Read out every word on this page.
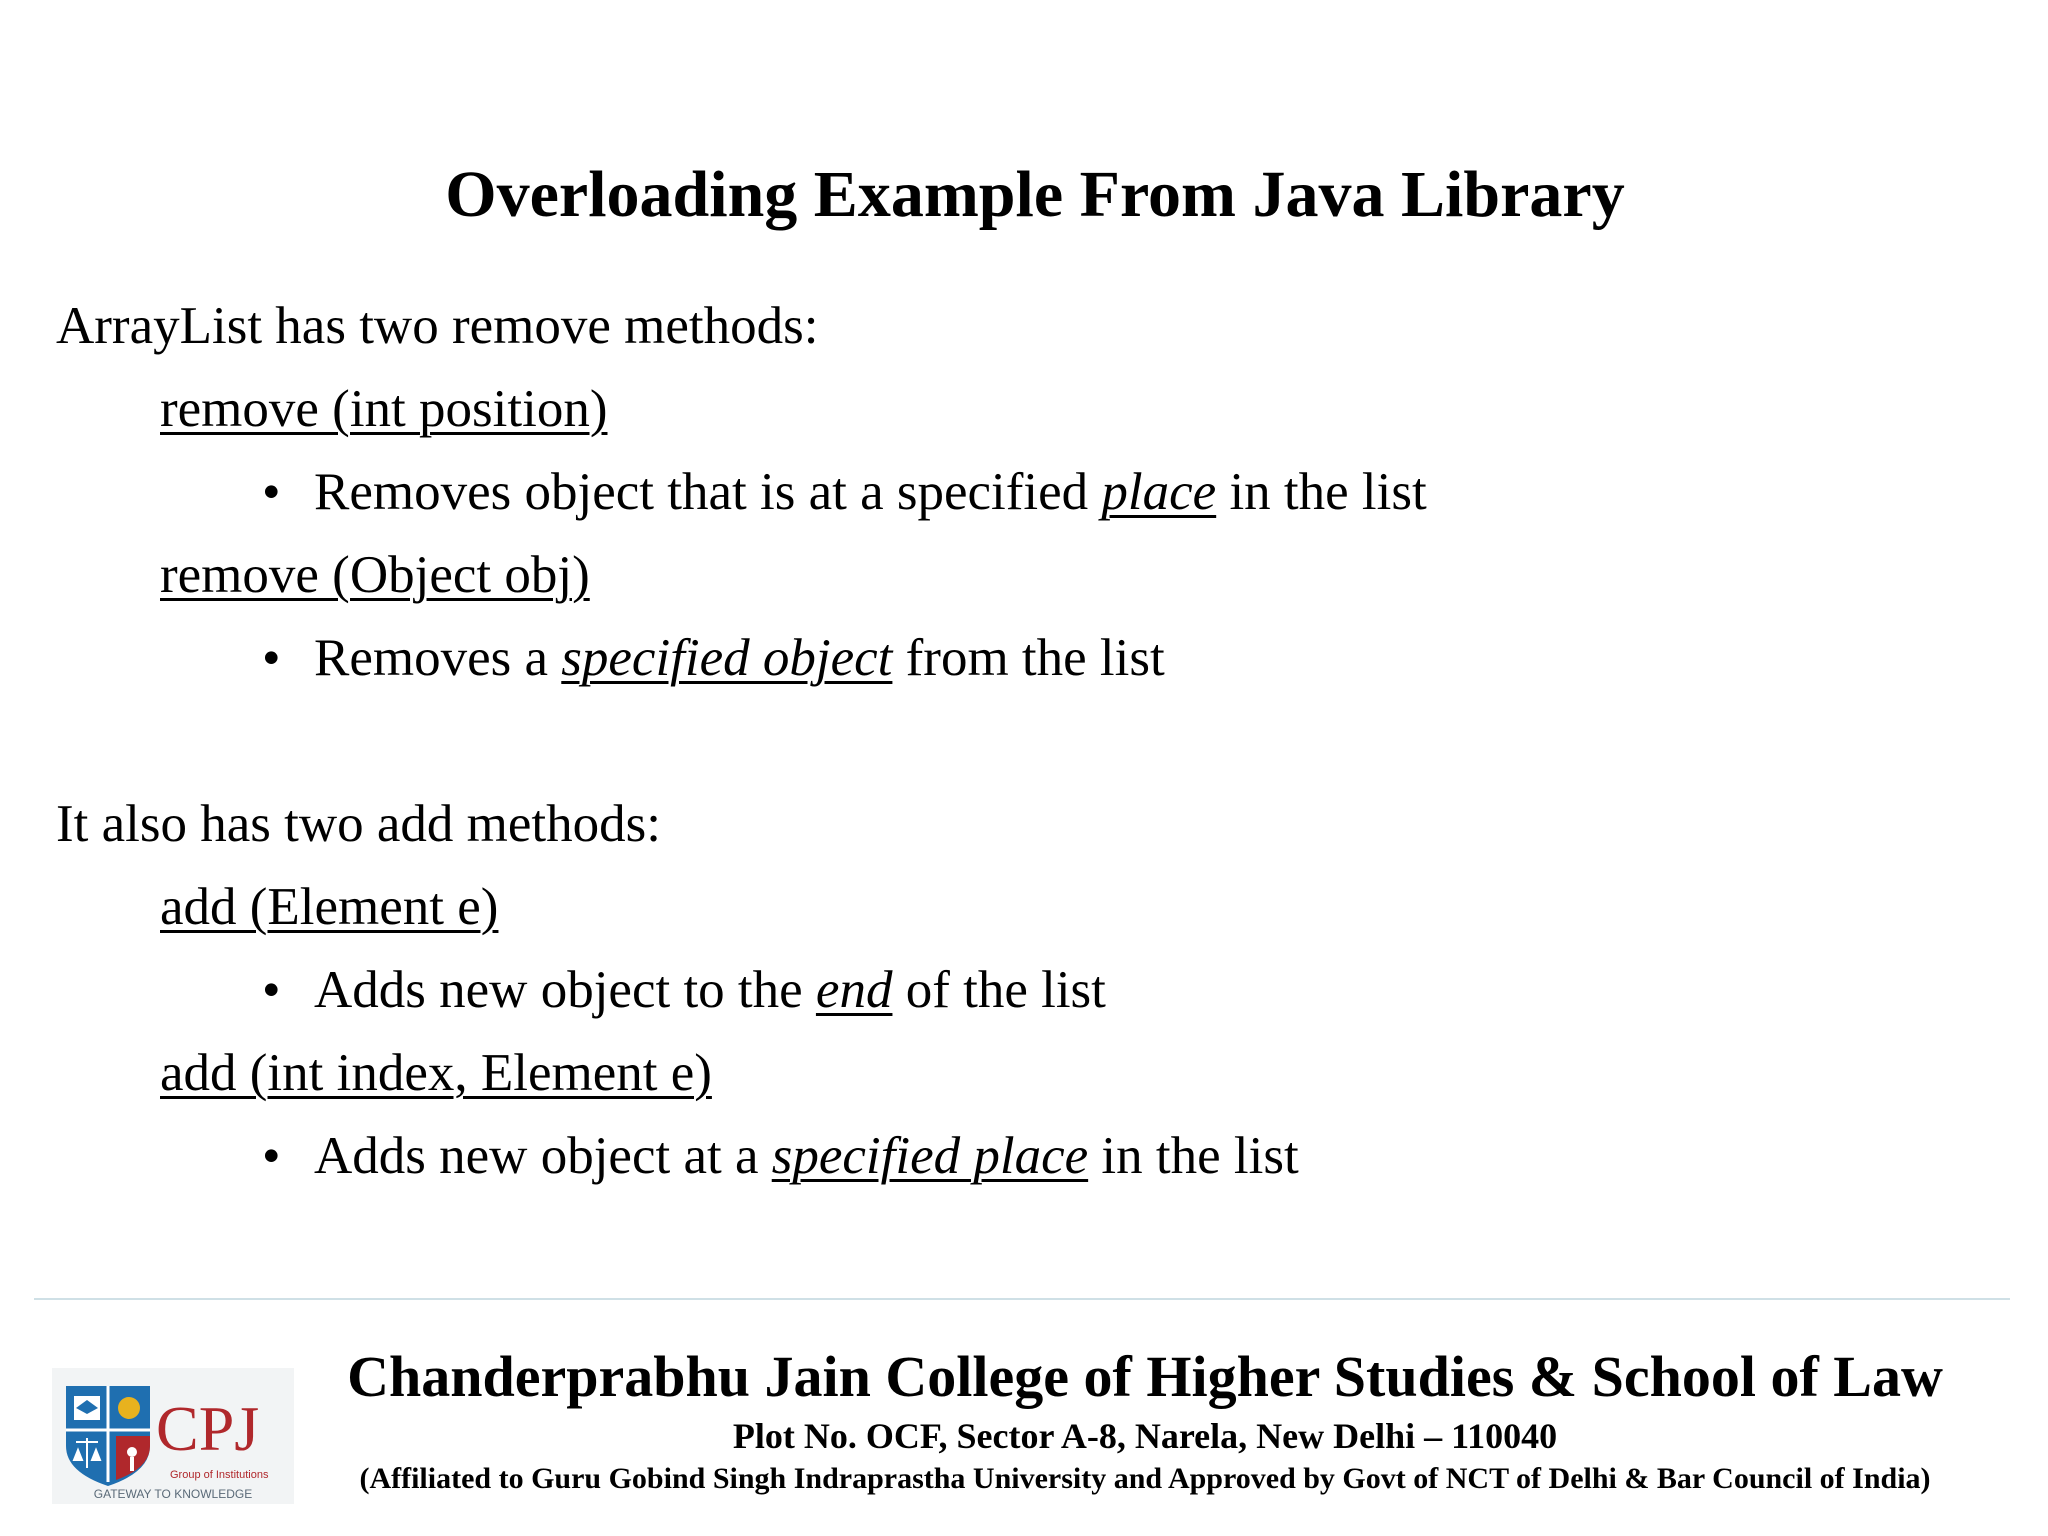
Overloading Example From Java Library
ArrayList has two remove methods:
remove (int position)
• Removes object that is at a specified place in the list
remove (Object obj)
• Removes a specified object from the list
It also has two add methods:
add (Element e)
• Adds new object to the end of the list
add (int index, Element e)
• Adds new object at a specified place in the list
CPJ
Group of Institutions
GATEWAY TO KNOWLEDGE
Chanderprabhu Jain College of Higher Studies & School of Law
Plot No. OCF, Sector A-8, Narela, New Delhi – 110040
(Affiliated to Guru Gobind Singh Indraprastha University and Approved by Govt of NCT of Delhi & Bar Council of India)
